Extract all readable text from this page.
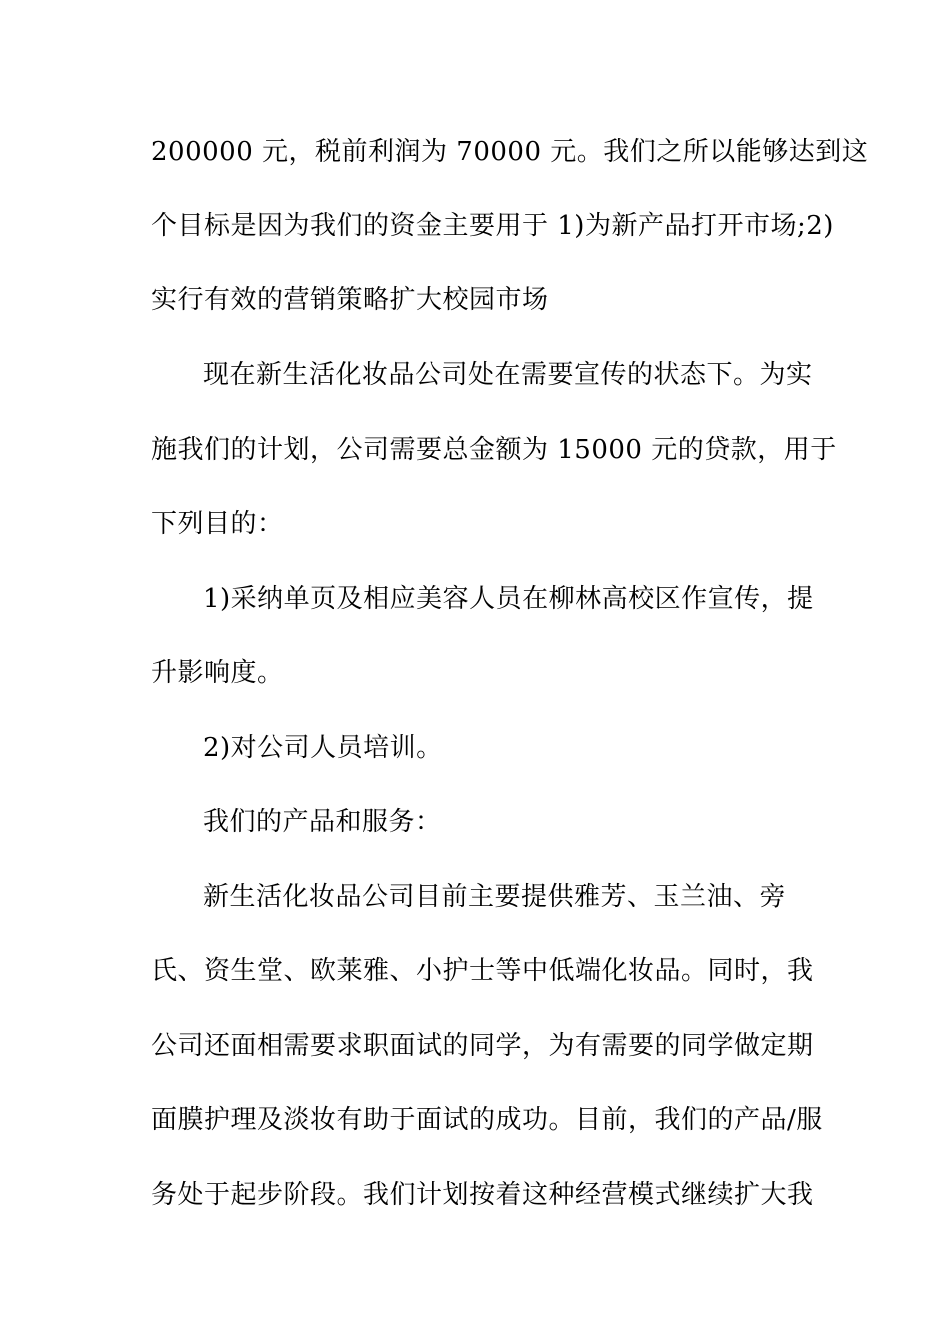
200000 元，税前利润为 70000 元。我们之所以能够达到这
个目标是因为我们的资金主要用于 1)为新产品打开市场;2)
实行有效的营销策略扩大校园市场
现在新生活化妆品公司处在需要宣传的状态下。为实
施我们的计划，公司需要总金额为 15000 元的贷款，用于
下列目的：
1)采纳单页及相应美容人员在柳林高校区作宣传，提
升影响度。
2)对公司人员培训。
我们的产品和服务：
新生活化妆品公司目前主要提供雅芳、玉兰油、旁
氏、资生堂、欧莱雅、小护士等中低端化妆品。同时，我
公司还面相需要求职面试的同学，为有需要的同学做定期
面膜护理及淡妆有助于面试的成功。目前，我们的产品/服
务处于起步阶段。我们计划按着这种经营模式继续扩大我
